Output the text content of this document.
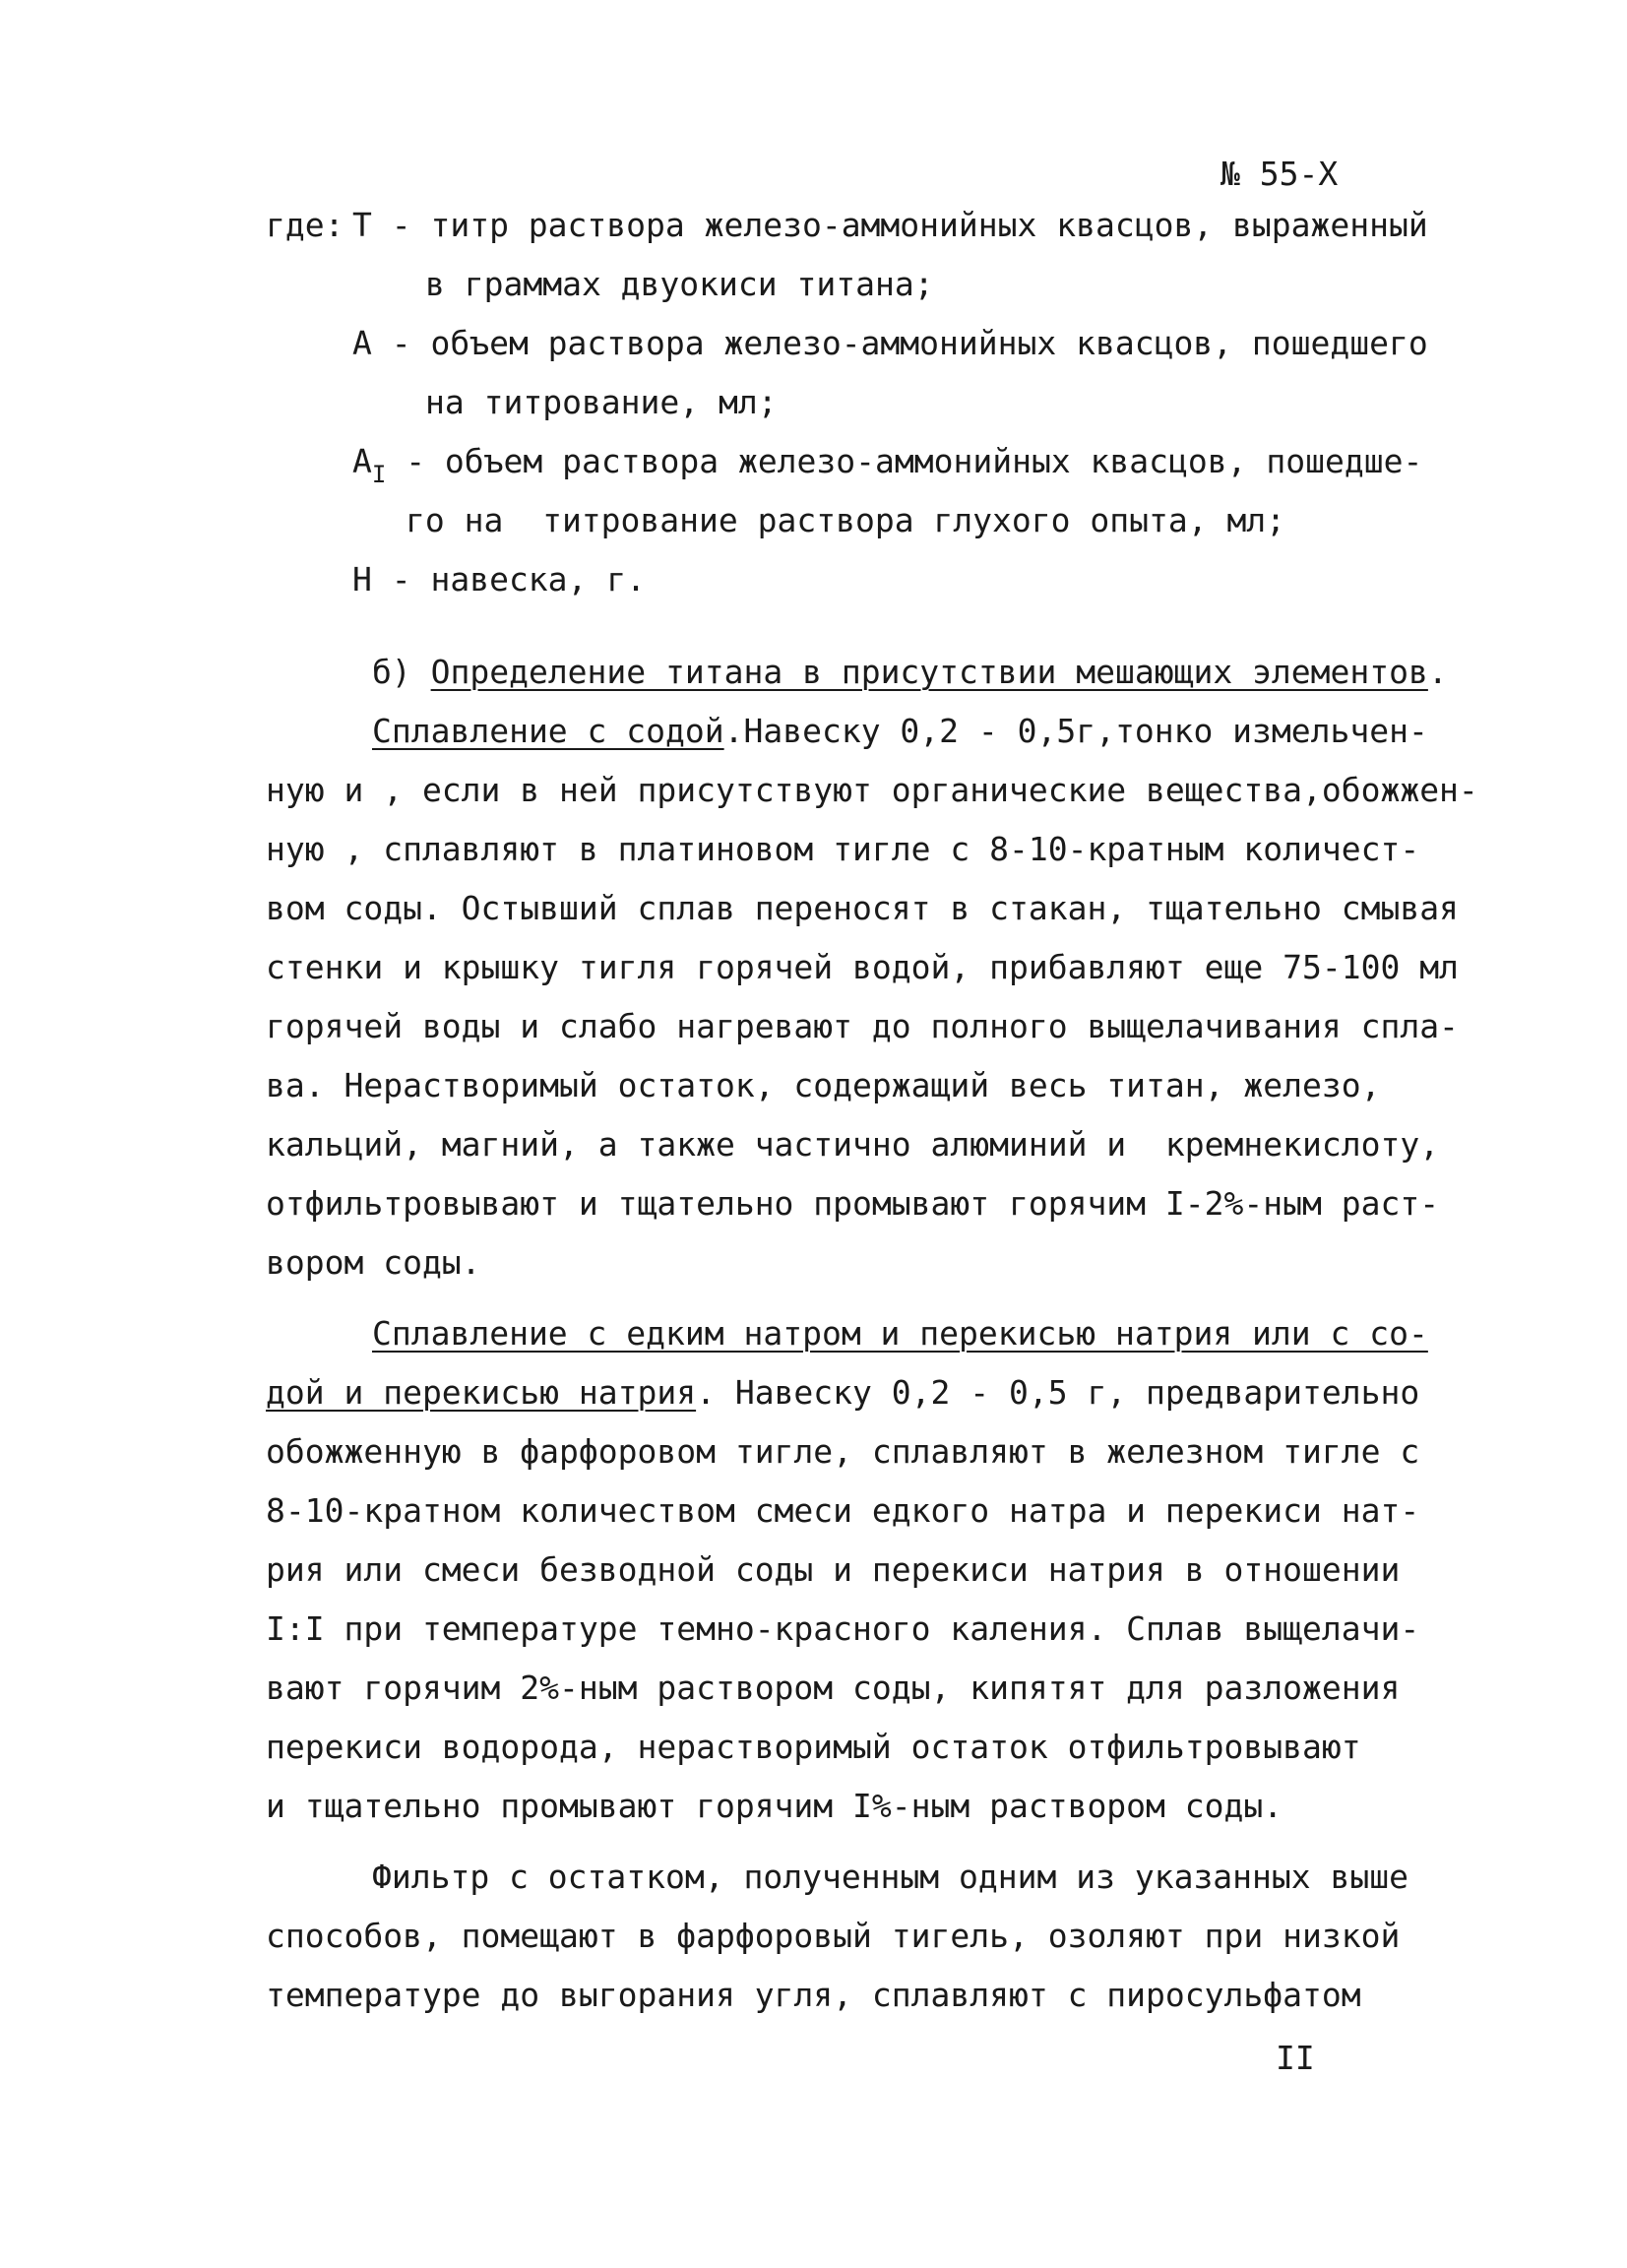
№ 55-Х
где: Т - титр раствора железо-аммонийных квасцов, выраженный
в граммах двуокиси титана;
А - объем раствора железо-аммонийных квасцов, пошедшего
на титрование, мл;
$А_I$ - объем раствора железо-аммонийных квасцов, пошедше-
го на  титрование раствора глухого опыта, мл;
Н - навеска, г.
б) Определение титана в присутствии мешающих элементов.
Сплавление с содой.Навеску 0,2 - 0,5г,тонко измельчен-
ную и , если в ней присутствуют органические вещества,обожжен-
ную , сплавляют в платиновом тигле с 8-10-кратным количест-
вом соды. Остывший сплав переносят в стакан, тщательно смывая
стенки и крышку тигля горячей водой, прибавляют еще 75-100 мл
горячей воды и слабо нагревают до полного выщелачивания спла-
ва. Нерастворимый остаток, содержащий весь титан, железо,
кальций, магний, а также частично алюминий и  кремнекислоту,
отфильтровывают и тщательно промывают горячим I-2%-ным раст-
вором соды.
Сплавление с едким натром и перекисью натрия или с со-
дой и перекисью натрия. Навеску 0,2 - 0,5 г, предварительно
обожженную в фарфоровом тигле, сплавляют в железном тигле с
8-10-кратном количеством смеси едкого натра и перекиси нат-
рия или смеси безводной соды и перекиси натрия в отношении
I:I при температуре темно-красного каления. Сплав выщелачи-
вают горячим 2%-ным раствором соды, кипятят для разложения
перекиси водорода, нерастворимый остаток отфильтровывают
и тщательно промывают горячим I%-ным раствором соды.
Фильтр с остатком, полученным одним из указанных выше
способов, помещают в фарфоровый тигель, озоляют при низкой
температуре до выгорания угля, сплавляют с пиросульфатом
II
